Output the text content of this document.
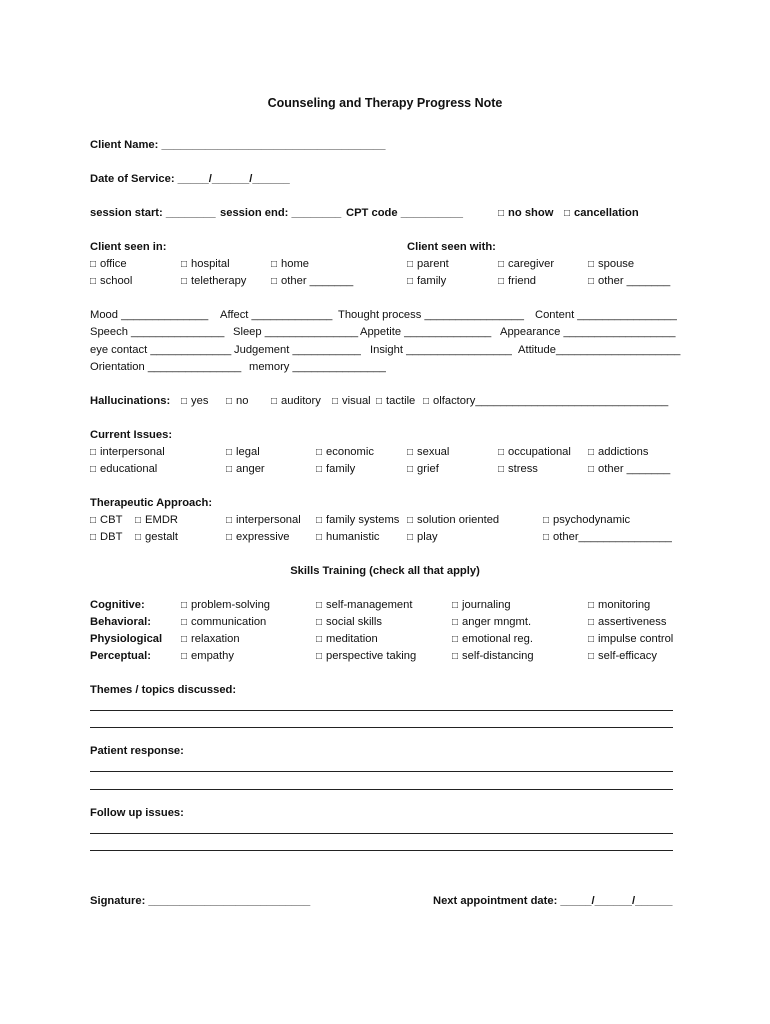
Counseling and Therapy Progress Note
Client Name: ____________________________________
Date of Service: _____/______/______
session start: ________ session end: ________ CPT code __________	□ no show	□ cancellation
Client seen in:	Client seen with:
□ office	□ hospital	□ home
□ school	□ teletherapy	□ other _______
□ parent	□ caregiver	□ spouse
□ family	□ friend	□ other _______
Mood ______________ Affect _____________ Thought process ________________ Content ________________
Speech _______________ Sleep _______________ Appetite ______________ Appearance __________________
eye contact _____________ Judgement ___________ Insight _________________ Attitude____________________
Orientation _______________ memory _______________
Hallucinations:	□ yes	□ no	□ auditory	□ visual	□ tactile	□ olfactory_______________________________
Current Issues:
□ interpersonal	□ legal	□ economic	□ sexual	□ occupational	□ addictions
□ educational	□ anger	□ family	□ grief	□ stress	□ other _______
Therapeutic Approach:
□ CBT	□ EMDR	□ interpersonal	□ family systems	□ solution oriented	□ psychodynamic
□ DBT	□ gestalt	□ expressive	□ humanistic	□ play	□ other_______________
Skills Training (check all that apply)
Cognitive:	□ problem-solving	□ self-management	□ journaling	□ monitoring
Behavioral:	□ communication	□ social skills	□ anger mngmt.	□ assertiveness
Physiological	□ relaxation	□ meditation	□ emotional reg.	□ impulse control
Perceptual:	□ empathy	□ perspective taking	□ self-distancing	□ self-efficacy
Themes / topics discussed:
Patient response:
Follow up issues:
Signature: __________________________	Next appointment date: _____/______/______
